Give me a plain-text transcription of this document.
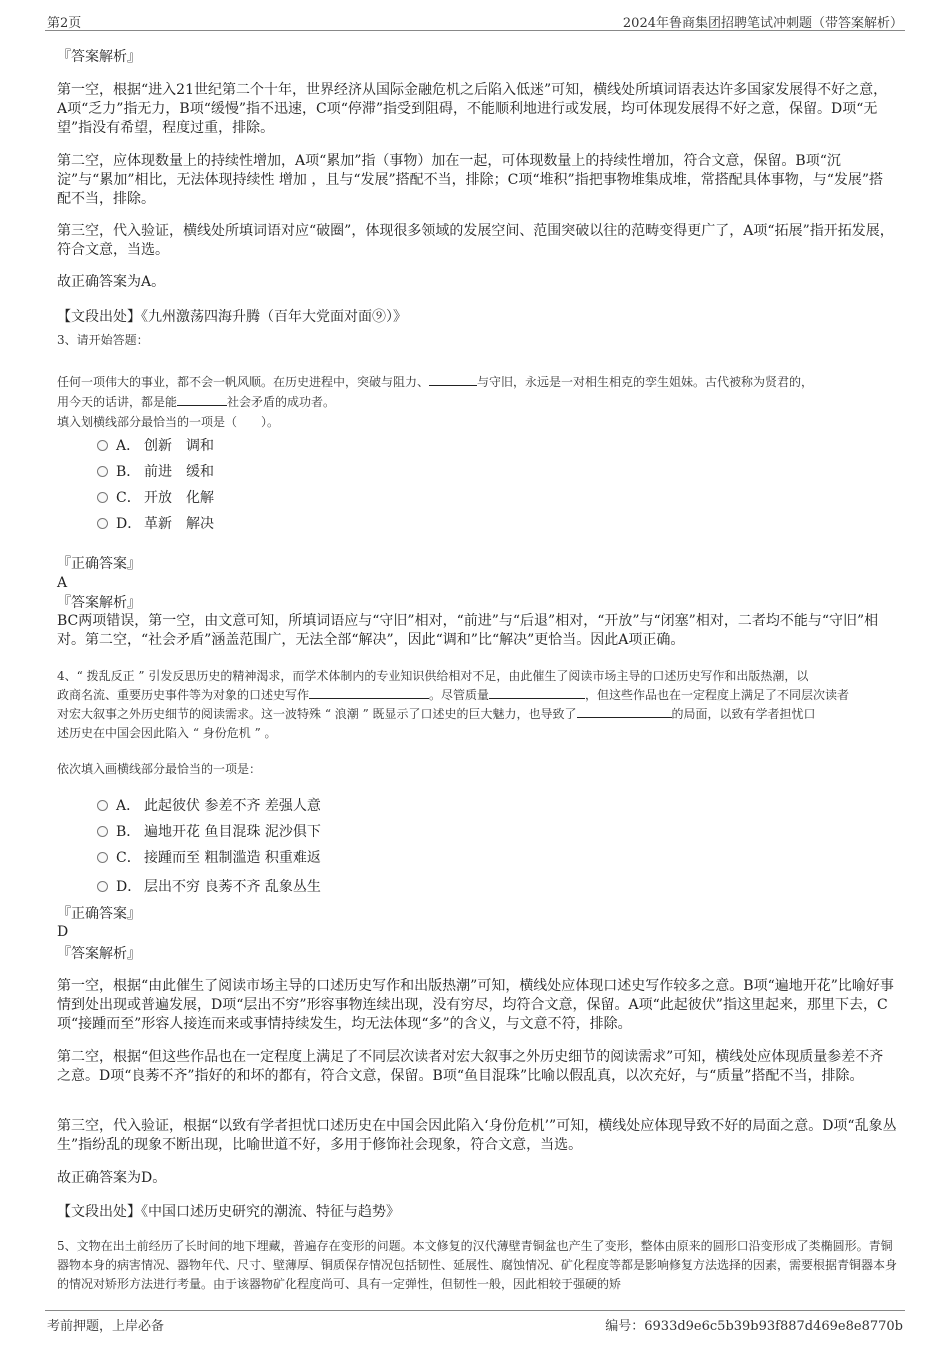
第2页	2024年鲁商集团招聘笔试冲刺题（带答案解析）
『答案解析』
第一空，根据“进入21世纪第二个十年，世界经济从国际金融危机之后陷入低迷”可知，横线处所填词语表达许多国家发展得不好之意，A项“乏力”指无力，B项“缓慢”指不迅速，C项“停滞”指受到阻碍，不能顺利地进行或发展，均可体现发展得不好之意，保留。D项“无望”指没有希望，程度过重，排除。
第二空，应体现数量上的持续性增加，A项“累加”指（事物）加在一起，可体现数量上的持续性增加，符合文意，保留。B项“沉淀”与“累加”相比，无法体现持续性 增加 ，且与“发展”搭配不当，排除；C项“堆积”指把事物堆集成堆，常搭配具体事物，与“发展”搭配不当，排除。
第三空，代入验证，横线处所填词语对应“破圈”，体现很多领域的发展空间、范围突破以往的范畴变得更广了，A项“拓展”指开拓发展，符合文意，当选。
故正确答案为A。
【文段出处】《九州激荡四海升腾（百年大党面对面⑨）》
3、请开始答题：
任何一项伟大的事业，都不会一帆风顺。在历史进程中，突破与阻力、	与守旧，永远是一对相生相克的孪生姐妹。古代被称为贤君的，
用今天的话讲，都是能	社会矛盾的成功者。
填入划横线部分最恰当的一项是（　　）。
A． 创新　调和
B． 前进　缓和
C． 开放　化解
D． 革新　解决
『正确答案』
A
『答案解析』
BC两项错误，第一空，由文意可知，所填词语应与“守旧”相对，“前进”与“后退”相对，“开放”与“闭塞”相对，二者均不能与“守旧”相对。第二空，“社会矛盾”涵盖范围广，无法全部“解决”，因此“调和”比“解决”更恰当。因此A项正确。
4、“ 拨乱反正 ” 引发反思历史的精神渴求，而学术体制内的专业知识供给相对不足，由此催生了阅读市场主导的口述历史写作和出版热潮，以
政商名流、重要历史事件等为对象的口述史写作	。尽管质量	，但这些作品也在一定程度上满足了不同层次读者
对宏大叙事之外历史细节的阅读需求。这一波特殊 “ 浪潮 ” 既显示了口述史的巨大魅力，也导致了	的局面，以致有学者担忧口
述历史在中国会因此陷入 “ 身份危机 ” 。
依次填入画横线部分最恰当的一项是：
A． 此起彼伏 参差不齐 差强人意
B． 遍地开花 鱼目混珠 泥沙俱下
C． 接踵而至 粗制滥造 积重难返
D． 层出不穷 良莠不齐 乱象丛生
『正确答案』
D
『答案解析』
第一空，根据“由此催生了阅读市场主导的口述历史写作和出版热潮”可知，横线处应体现口述史写作较多之意。B项“遍地开花”比喻好事情到处出现或普遍发展，D项“层出不穷”形容事物连续出现，没有穷尽，均符合文意，保留。A项“此起彼伏”指这里起来，那里下去，C项“接踵而至”形容人接连而来或事情持续发生，均无法体现“多”的含义，与文意不符，排除。
第二空，根据“但这些作品也在一定程度上满足了不同层次读者对宏大叙事之外历史细节的阅读需求”可知，横线处应体现质量参差不齐之意。D项“良莠不齐”指好的和坏的都有，符合文意，保留。B项“鱼目混珠”比喻以假乱真，以次充好，与“质量”搭配不当，排除。
第三空，代入验证，根据“以致有学者担忧口述历史在中国会因此陷入‘身份危机’”可知，横线处应体现导致不好的局面之意。D项“乱象丛生”指纷乱的现象不断出现，比喻世道不好，多用于修饰社会现象，符合文意，当选。
故正确答案为D。
【文段出处】《中国口述历史研究的潮流、特征与趋势》
5、文物在出土前经历了长时间的地下埋藏，普遍存在变形的问题。本文修复的汉代薄壁青铜盆也产生了变形，整体由原来的圆形口沿变形成了类椭圆形。青铜器物本身的病害情况、器物年代、尺寸、壁薄厚、铜质保存情况包括韧性、延展性、腐蚀情况、矿化程度等都是影响修复方法选择的因素，需要根据青铜器本身的情况对矫形方法进行考量。由于该器物矿化程度尚可、具有一定弹性，但韧性一般，因此相较于强硬的矫
考前押题，上岸必备	编号：6933d9e6c5b39b93f887d469e8e8770b
